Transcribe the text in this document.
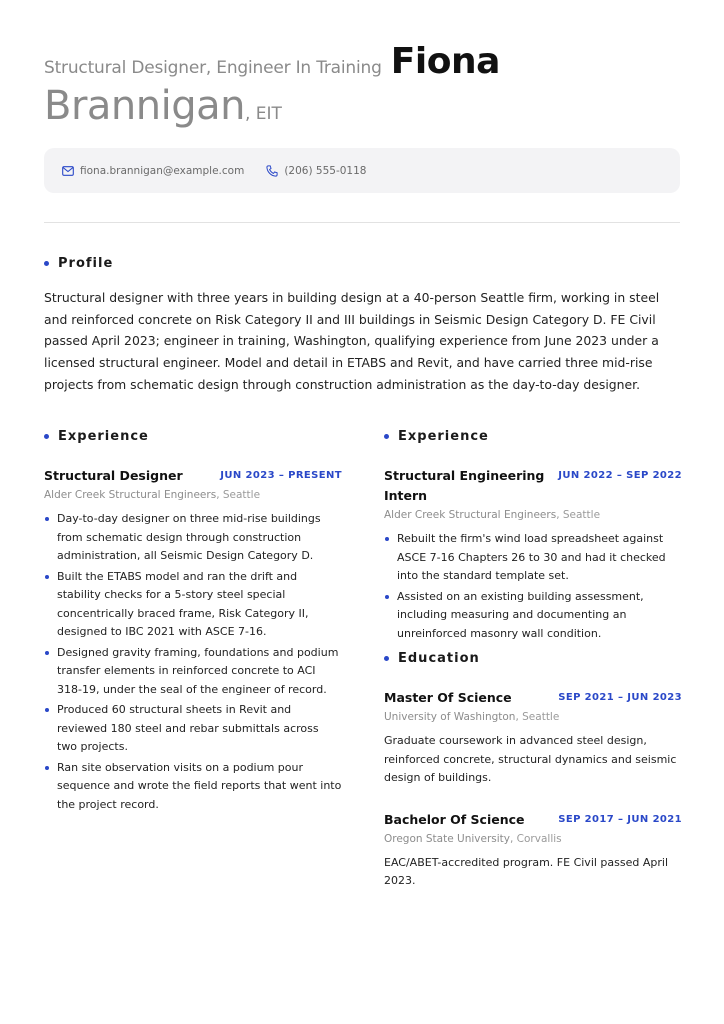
Structural Designer, Engineer In Training Fiona
Brannigan, EIT
fiona.brannigan@example.com	(206) 555-0118
Profile

Structural designer with three years in building design at a 40-person Seattle firm, working in steel and reinforced concrete on Risk Category II and III buildings in Seismic Design Category D. FE Civil passed April 2023; engineer in training, Washington, qualifying experience from June 2023 under a licensed structural engineer. Model and detail in ETABS and Revit, and have carried three mid-rise projects from schematic design through construction administration as the day-to-day designer.

Experience
Structural Designer	JUN 2023 – PRESENT
Alder Creek Structural Engineers, Seattle
Day-to-day designer on three mid-rise buildings from schematic design through construction administration, all Seismic Design Category D.
Built the ETABS model and ran the drift and stability checks for a 5-story steel special concentrically braced frame, Risk Category II, designed to IBC 2021 with ASCE 7-16.
Designed gravity framing, foundations and podium transfer elements in reinforced concrete to ACI 318-19, under the seal of the engineer of record.
Produced 60 structural sheets in Revit and reviewed 180 steel and rebar submittals across two projects.
Ran site observation visits on a podium pour sequence and wrote the field reports that went into the project record.
Experience
Structural Engineering Intern
JUN 2022 – SEP 2022
Alder Creek Structural Engineers, Seattle
Rebuilt the firm's wind load spreadsheet against ASCE 7-16 Chapters 26 to 30 and had it checked into the standard template set.
Assisted on an existing building assessment, including measuring and documenting an unreinforced masonry wall condition.
Education
Master Of Science	SEP 2021 – JUN 2023
University of Washington, Seattle
Graduate coursework in advanced steel design, reinforced concrete, structural dynamics and seismic design of buildings.
Bachelor Of Science	SEP 2017 – JUN 2021
Oregon State University, Corvallis
EAC/ABET-accredited program. FE Civil passed April 2023.
